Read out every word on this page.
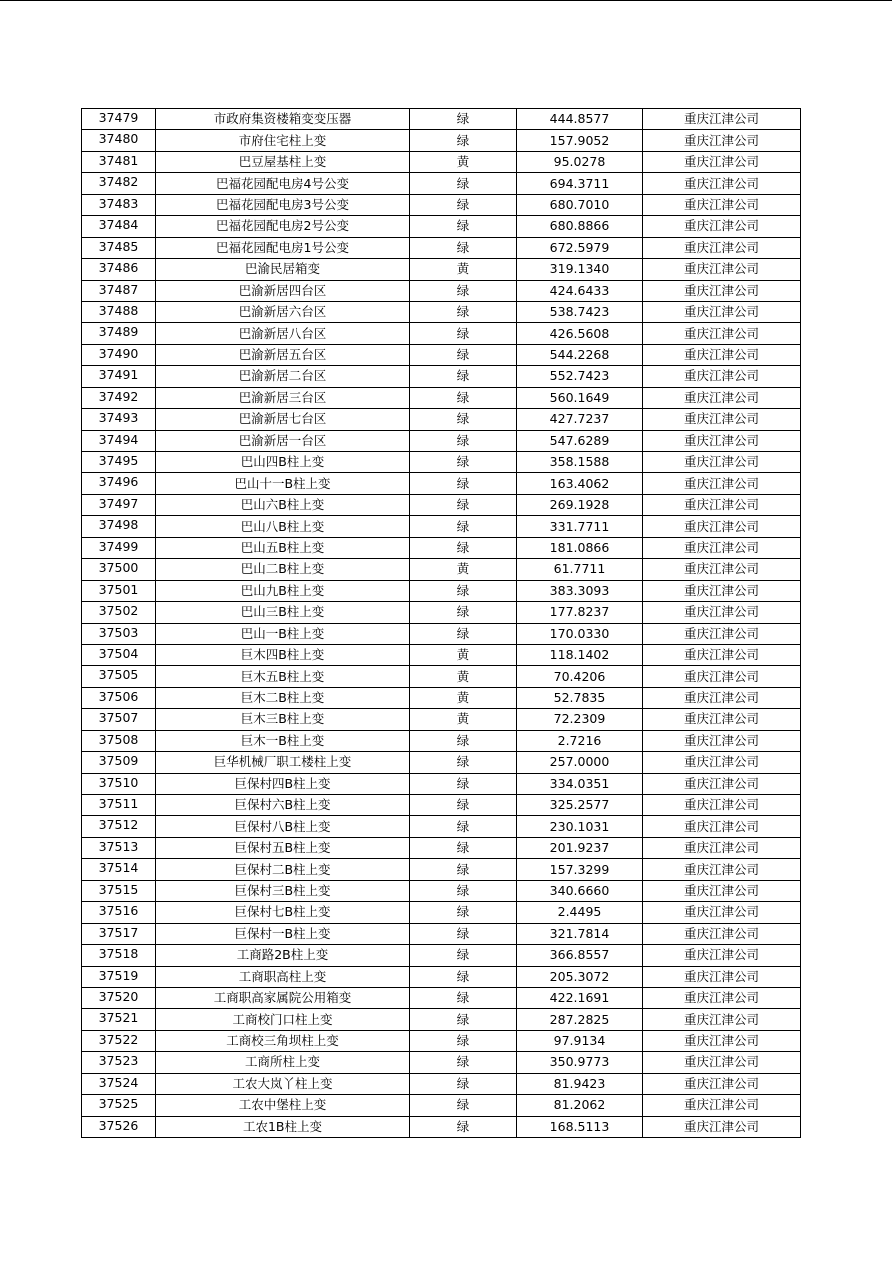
37479	市政府集资楼箱变变压器	绿	444.8577	重庆江津公司
37480	市府住宅柱上变	绿	157.9052	重庆江津公司
37481	巴豆屋基柱上变	黄	95.0278	重庆江津公司
37482	巴福花园配电房4号公变	绿	694.3711	重庆江津公司
37483	巴福花园配电房3号公变	绿	680.7010	重庆江津公司
37484	巴福花园配电房2号公变	绿	680.8866	重庆江津公司
37485	巴福花园配电房1号公变	绿	672.5979	重庆江津公司
37486	巴渝民居箱变	黄	319.1340	重庆江津公司
37487	巴渝新居四台区	绿	424.6433	重庆江津公司
37488	巴渝新居六台区	绿	538.7423	重庆江津公司
37489	巴渝新居八台区	绿	426.5608	重庆江津公司
37490	巴渝新居五台区	绿	544.2268	重庆江津公司
37491	巴渝新居二台区	绿	552.7423	重庆江津公司
37492	巴渝新居三台区	绿	560.1649	重庆江津公司
37493	巴渝新居七台区	绿	427.7237	重庆江津公司
37494	巴渝新居一台区	绿	547.6289	重庆江津公司
37495	巴山四B柱上变	绿	358.1588	重庆江津公司
37496	巴山十一B柱上变	绿	163.4062	重庆江津公司
37497	巴山六B柱上变	绿	269.1928	重庆江津公司
37498	巴山八B柱上变	绿	331.7711	重庆江津公司
37499	巴山五B柱上变	绿	181.0866	重庆江津公司
37500	巴山二B柱上变	黄	61.7711	重庆江津公司
37501	巴山九B柱上变	绿	383.3093	重庆江津公司
37502	巴山三B柱上变	绿	177.8237	重庆江津公司
37503	巴山一B柱上变	绿	170.0330	重庆江津公司
37504	巨木四B柱上变	黄	118.1402	重庆江津公司
37505	巨木五B柱上变	黄	70.4206	重庆江津公司
37506	巨木二B柱上变	黄	52.7835	重庆江津公司
37507	巨木三B柱上变	黄	72.2309	重庆江津公司
37508	巨木一B柱上变	绿	2.7216	重庆江津公司
37509	巨华机械厂职工楼柱上变	绿	257.0000	重庆江津公司
37510	巨保村四B柱上变	绿	334.0351	重庆江津公司
37511	巨保村六B柱上变	绿	325.2577	重庆江津公司
37512	巨保村八B柱上变	绿	230.1031	重庆江津公司
37513	巨保村五B柱上变	绿	201.9237	重庆江津公司
37514	巨保村二B柱上变	绿	157.3299	重庆江津公司
37515	巨保村三B柱上变	绿	340.6660	重庆江津公司
37516	巨保村七B柱上变	绿	2.4495	重庆江津公司
37517	巨保村一B柱上变	绿	321.7814	重庆江津公司
37518	工商路2B柱上变	绿	366.8557	重庆江津公司
37519	工商职高柱上变	绿	205.3072	重庆江津公司
37520	工商职高家属院公用箱变	绿	422.1691	重庆江津公司
37521	工商校门口柱上变	绿	287.2825	重庆江津公司
37522	工商校三角坝柱上变	绿	97.9134	重庆江津公司
37523	工商所柱上变	绿	350.9773	重庆江津公司
37524	工农大岚丫柱上变	绿	81.9423	重庆江津公司
37525	工农中堡柱上变	绿	81.2062	重庆江津公司
37526	工农1B柱上变	绿	168.5113	重庆江津公司
